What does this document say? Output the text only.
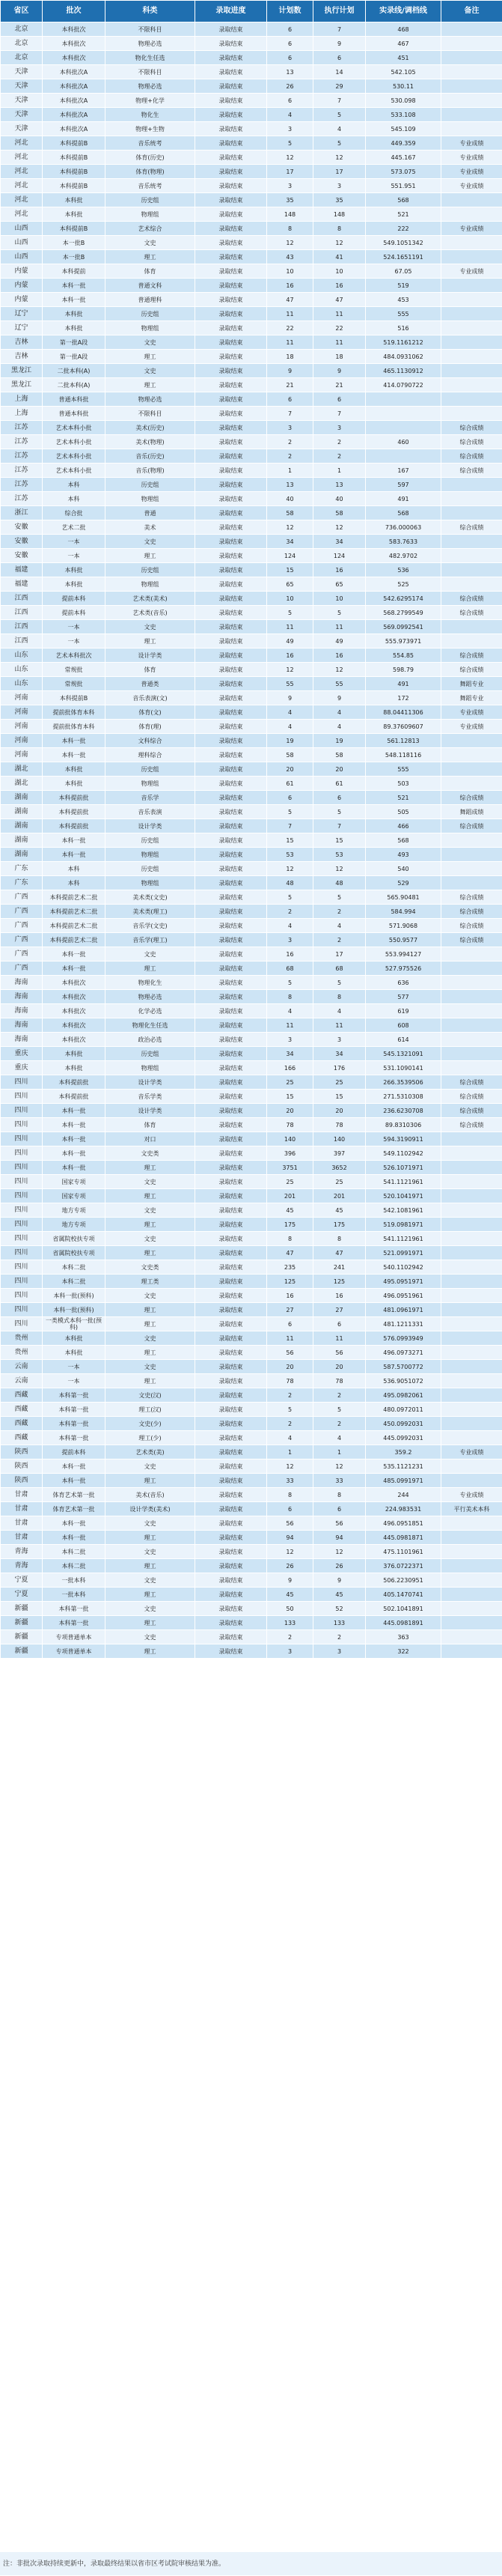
省区	批次	科类	录取进度	计划数	执行计划	实录线/调档线	备注
北京	本科批次	不限科目	录取结束	6	7	468	
北京	本科批次	物理必选	录取结束	6	9	467	
北京	本科批次	物化生任选	录取结束	6	6	451	
天津	本科批次A	不限科目	录取结束	13	14	542.105	
天津	本科批次A	物理必选	录取结束	26	29	530.11	
天津	本科批次A	物理+化学	录取结束	6	7	530.098	
天津	本科批次A	物化生	录取结束	4	5	533.108	
天津	本科批次A	物理+生物	录取结束	3	4	545.109	
河北	本科提前B	音乐统考	录取结束	5	5	449.359	专业成绩
河北	本科提前B	体育(历史)	录取结束	12	12	445.167	专业成绩
河北	本科提前B	体育(物理)	录取结束	17	17	573.075	专业成绩
河北	本科提前B	音乐统考	录取结束	3	3	551.951	专业成绩
河北	本科批	历史组	录取结束	35	35	568	
河北	本科批	物理组	录取结束	148	148	521	
山西	本科提前B	艺术综合	录取结束	8	8	222	专业成绩
山西	本一批B	文史	录取结束	12	12	549.1051342	
山西	本一批B	理工	录取结束	43	41	524.1651191	
内蒙	本科提前	体育	录取结束	10	10	67.05	专业成绩
内蒙	本科一批	普通文科	录取结束	16	16	519	
内蒙	本科一批	普通理科	录取结束	47	47	453	
辽宁	本科批	历史组	录取结束	11	11	555	
辽宁	本科批	物理组	录取结束	22	22	516	
吉林	第一批A段	文史	录取结束	11	11	519.1161212	
吉林	第一批A段	理工	录取结束	18	18	484.0931062	
黑龙江	二批本科(A)	文史	录取结束	9	9	465.1130912	
黑龙江	二批本科(A)	理工	录取结束	21	21	414.0790722	
上海	普通本科批	物理必选	录取结束	6	6		
上海	普通本科批	不限科目	录取结束	7	7		
江苏	艺术本科小批	美术(历史)	录取结束	3	3		综合成绩
江苏	艺术本科小批	美术(物理)	录取结束	2	2	460	综合成绩
江苏	艺术本科小批	音乐(历史)	录取结束	2	2		综合成绩
江苏	艺术本科小批	音乐(物理)	录取结束	1	1	167	综合成绩
江苏	本科	历史组	录取结束	13	13	597	
江苏	本科	物理组	录取结束	40	40	491	
浙江	综合批	普通	录取结束	58	58	568	
安徽	艺术二批	美术	录取结束	12	12	736.000063	综合成绩
安徽	一本	文史	录取结束	34	34	583.7633	
安徽	一本	理工	录取结束	124	124	482.9702	
福建	本科批	历史组	录取结束	15	16	536	
福建	本科批	物理组	录取结束	65	65	525	
江西	提前本科	艺术类(美术)	录取结束	10	10	542.6295174	综合成绩
江西	提前本科	艺术类(音乐)	录取结束	5	5	568.2799549	综合成绩
江西	一本	文史	录取结束	11	11	569.0992541	
江西	一本	理工	录取结束	49	49	555.973971	
山东	艺术本科批次	设计学类	录取结束	16	16	554.85	综合成绩
山东	常规批	体育	录取结束	12	12	598.79	综合成绩
山东	常规批	普通类	录取结束	55	55	491	舞蹈专业
河南	本科提前B	音乐表演(文)	录取结束	9	9	172	舞蹈专业
河南	提前批体育本科	体育(文)	录取结束	4	4	88.04411306	专业成绩
河南	提前批体育本科	体育(理)	录取结束	4	4	89.37609607	专业成绩
河南	本科一批	文科综合	录取结束	19	19	561.12813	
河南	本科一批	理科综合	录取结束	58	58	548.118116	
湖北	本科批	历史组	录取结束	20	20	555	
湖北	本科批	物理组	录取结束	61	61	503	
湖南	本科提前批	音乐学	录取结束	6	6	521	综合成绩
湖南	本科提前批	音乐表演	录取结束	5	5	505	舞蹈成绩
湖南	本科提前批	设计学类	录取结束	7	7	466	综合成绩
湖南	本科一批	历史组	录取结束	15	15	568	
湖南	本科一批	物理组	录取结束	53	53	493	
广东	本科	历史组	录取结束	12	12	540	
广东	本科	物理组	录取结束	48	48	529	
广西	本科提前艺术二批	美术类(文史)	录取结束	5	5	565.90481	综合成绩
广西	本科提前艺术二批	美术类(理工)	录取结束	2	2	584.994	综合成绩
广西	本科提前艺术二批	音乐学(文史)	录取结束	4	4	571.9068	综合成绩
广西	本科提前艺术二批	音乐学(理工)	录取结束	3	2	550.9577	综合成绩
广西	本科一批	文史	录取结束	16	17	553.994127	
广西	本科一批	理工	录取结束	68	68	527.975526	
海南	本科批次	物理化生	录取结束	5	5	636	
海南	本科批次	物理必选	录取结束	8	8	577	
海南	本科批次	化学必选	录取结束	4	4	619	
海南	本科批次	物理化生任选	录取结束	11	11	608	
海南	本科批次	政治必选	录取结束	3	3	614	
重庆	本科批	历史组	录取结束	34	34	545.1321091	
重庆	本科批	物理组	录取结束	166	176	531.1090141	
四川	本科提前批	设计学类	录取结束	25	25	266.3539506	综合成绩
四川	本科提前批	音乐学类	录取结束	15	15	271.5310308	综合成绩
四川	本科一批	设计学类	录取结束	20	20	236.6230708	综合成绩
四川	本科一批	体育	录取结束	78	78	89.8310306	综合成绩
四川	本科一批	对口	录取结束	140	140	594.3190911	
四川	本科一批	文史类	录取结束	396	397	549.1102942	
四川	本科一批	理工	录取结束	3751	3652	526.1071971	
四川	国家专项	文史	录取结束	25	25	541.1121961	
四川	国家专项	理工	录取结束	201	201	520.1041971	
四川	地方专项	文史	录取结束	45	45	542.1081961	
四川	地方专项	理工	录取结束	175	175	519.0981971	
四川	省属院校扶专项	文史	录取结束	8	8	541.1121961	
四川	省属院校扶专项	理工	录取结束	47	47	521.0991971	
四川	本科二批	文史类	录取结束	235	241	540.1102942	
四川	本科二批	理工类	录取结束	125	125	495.0951971	
四川	本科一批(预科)	文史	录取结束	16	16	496.0951961	
四川	本科一批(预科)	理工	录取结束	27	27	481.0961971	
四川	一类模式本科一批(预科)	理工	录取结束	6	6	481.1211331	
贵州	本科批	文史	录取结束	11	11	576.0993949	
贵州	本科批	理工	录取结束	56	56	496.0973271	
云南	一本	文史	录取结束	20	20	587.5700772	
云南	一本	理工	录取结束	78	78	536.9051072	
西藏	本科第一批	文史(汉)	录取结束	2	2	495.0982061	
西藏	本科第一批	理工(汉)	录取结束	5	5	480.0972011	
西藏	本科第一批	文史(少)	录取结束	2	2	450.0992031	
西藏	本科第一批	理工(少)	录取结束	4	4	445.0992031	
陕西	提前本科	艺术类(美)	录取结束	1	1	359.2	专业成绩
陕西	本科一批	文史	录取结束	12	12	535.1121231	
陕西	本科一批	理工	录取结束	33	33	485.0991971	
甘肃	体育艺术第一批	美术(音乐)	录取结束	8	8	244	专业成绩
甘肃	体育艺术第一批	设计学类(美术)	录取结束	6	6	224.983531	平行美术本科
甘肃	本科一批	文史	录取结束	56	56	496.0951851	
甘肃	本科一批	理工	录取结束	94	94	445.0981871	
青海	本科二批	文史	录取结束	12	12	475.1101961	
青海	本科二批	理工	录取结束	26	26	376.0722371	
宁夏	一批本科	文史	录取结束	9	9	506.2230951	
宁夏	一批本科	理工	录取结束	45	45	405.1470741	
新疆	本科第一批	文史	录取结束	50	52	502.1041891	
新疆	本科第一批	理工	录取结束	133	133	445.0981891	
新疆	专项普通单本	文史	录取结束	2	2	363	
新疆	专项普通单本	理工	录取结束	3	3	322	
注：非批次录取持续更新中，录取最终结果以省市区考试院审核结果为准。
